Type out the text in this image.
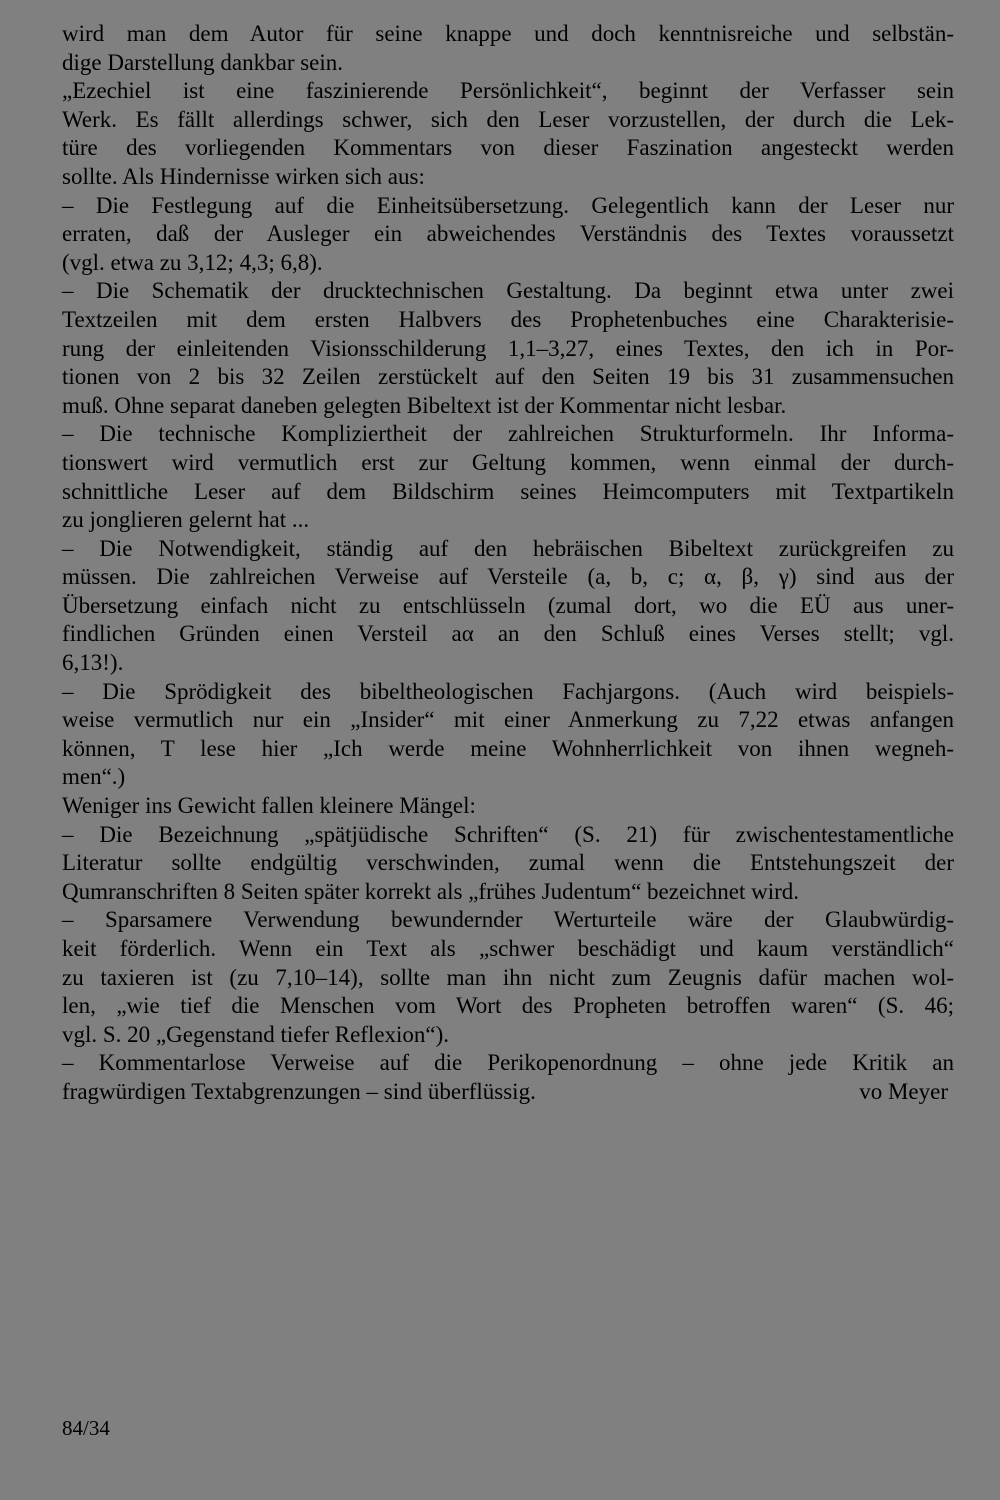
wird man dem Autor für seine knappe und doch kenntnisreiche und selbstän-
dige Darstellung dankbar sein.
„Ezechiel ist eine faszinierende Persönlichkeit“, beginnt der Verfasser sein
Werk. Es fällt allerdings schwer, sich den Leser vorzustellen, der durch die Lek-
türe des vorliegenden Kommentars von dieser Faszination angesteckt werden
sollte. Als Hindernisse wirken sich aus:
– Die Festlegung auf die Einheitsübersetzung. Gelegentlich kann der Leser nur
erraten, daß der Ausleger ein abweichendes Verständnis des Textes voraussetzt
(vgl. etwa zu 3,12; 4,3; 6,8).
– Die Schematik der drucktechnischen Gestaltung. Da beginnt etwa unter zwei
Textzeilen mit dem ersten Halbvers des Prophetenbuches eine Charakterisie-
rung der einleitenden Visionsschilderung 1,1–3,27, eines Textes, den ich in Por-
tionen von 2 bis 32 Zeilen zerstückelt auf den Seiten 19 bis 31 zusammensuchen
muß. Ohne separat daneben gelegten Bibeltext ist der Kommentar nicht lesbar.
– Die technische Kompliziertheit der zahlreichen Strukturformeln. Ihr Informa-
tionswert wird vermutlich erst zur Geltung kommen, wenn einmal der durch-
schnittliche Leser auf dem Bildschirm seines Heimcomputers mit Textpartikeln
zu jonglieren gelernt hat ...
– Die Notwendigkeit, ständig auf den hebräischen Bibeltext zurückgreifen zu
müssen. Die zahlreichen Verweise auf Versteile (a, b, c; α, β, γ) sind aus der
Übersetzung einfach nicht zu entschlüsseln (zumal dort, wo die EÜ aus uner-
findlichen Gründen einen Versteil aα an den Schluß eines Verses stellt; vgl.
6,13!).
– Die Sprödigkeit des bibeltheologischen Fachjargons. (Auch wird beispiels-
weise vermutlich nur ein „Insider“ mit einer Anmerkung zu 7,22 etwas anfangen
können, T lese hier „Ich werde meine Wohnherrlichkeit von ihnen wegneh-
men“.)
Weniger ins Gewicht fallen kleinere Mängel:
– Die Bezeichnung „spätjüdische Schriften“ (S. 21) für zwischentestamentliche
Literatur sollte endgültig verschwinden, zumal wenn die Entstehungszeit der
Qumranschriften 8 Seiten später korrekt als „frühes Judentum“ bezeichnet wird.
– Sparsamere Verwendung bewundernder Werturteile wäre der Glaubwürdig-
keit förderlich. Wenn ein Text als „schwer beschädigt und kaum verständlich“
zu taxieren ist (zu 7,10–14), sollte man ihn nicht zum Zeugnis dafür machen wol-
len, „wie tief die Menschen vom Wort des Propheten betroffen waren“ (S. 46;
vgl. S. 20 „Gegenstand tiefer Reflexion“).
– Kommentarlose Verweise auf die Perikopenordnung – ohne jede Kritik an
fragwürdigen Textabgrenzungen – sind überflüssig.	vo Meyer
84/34
